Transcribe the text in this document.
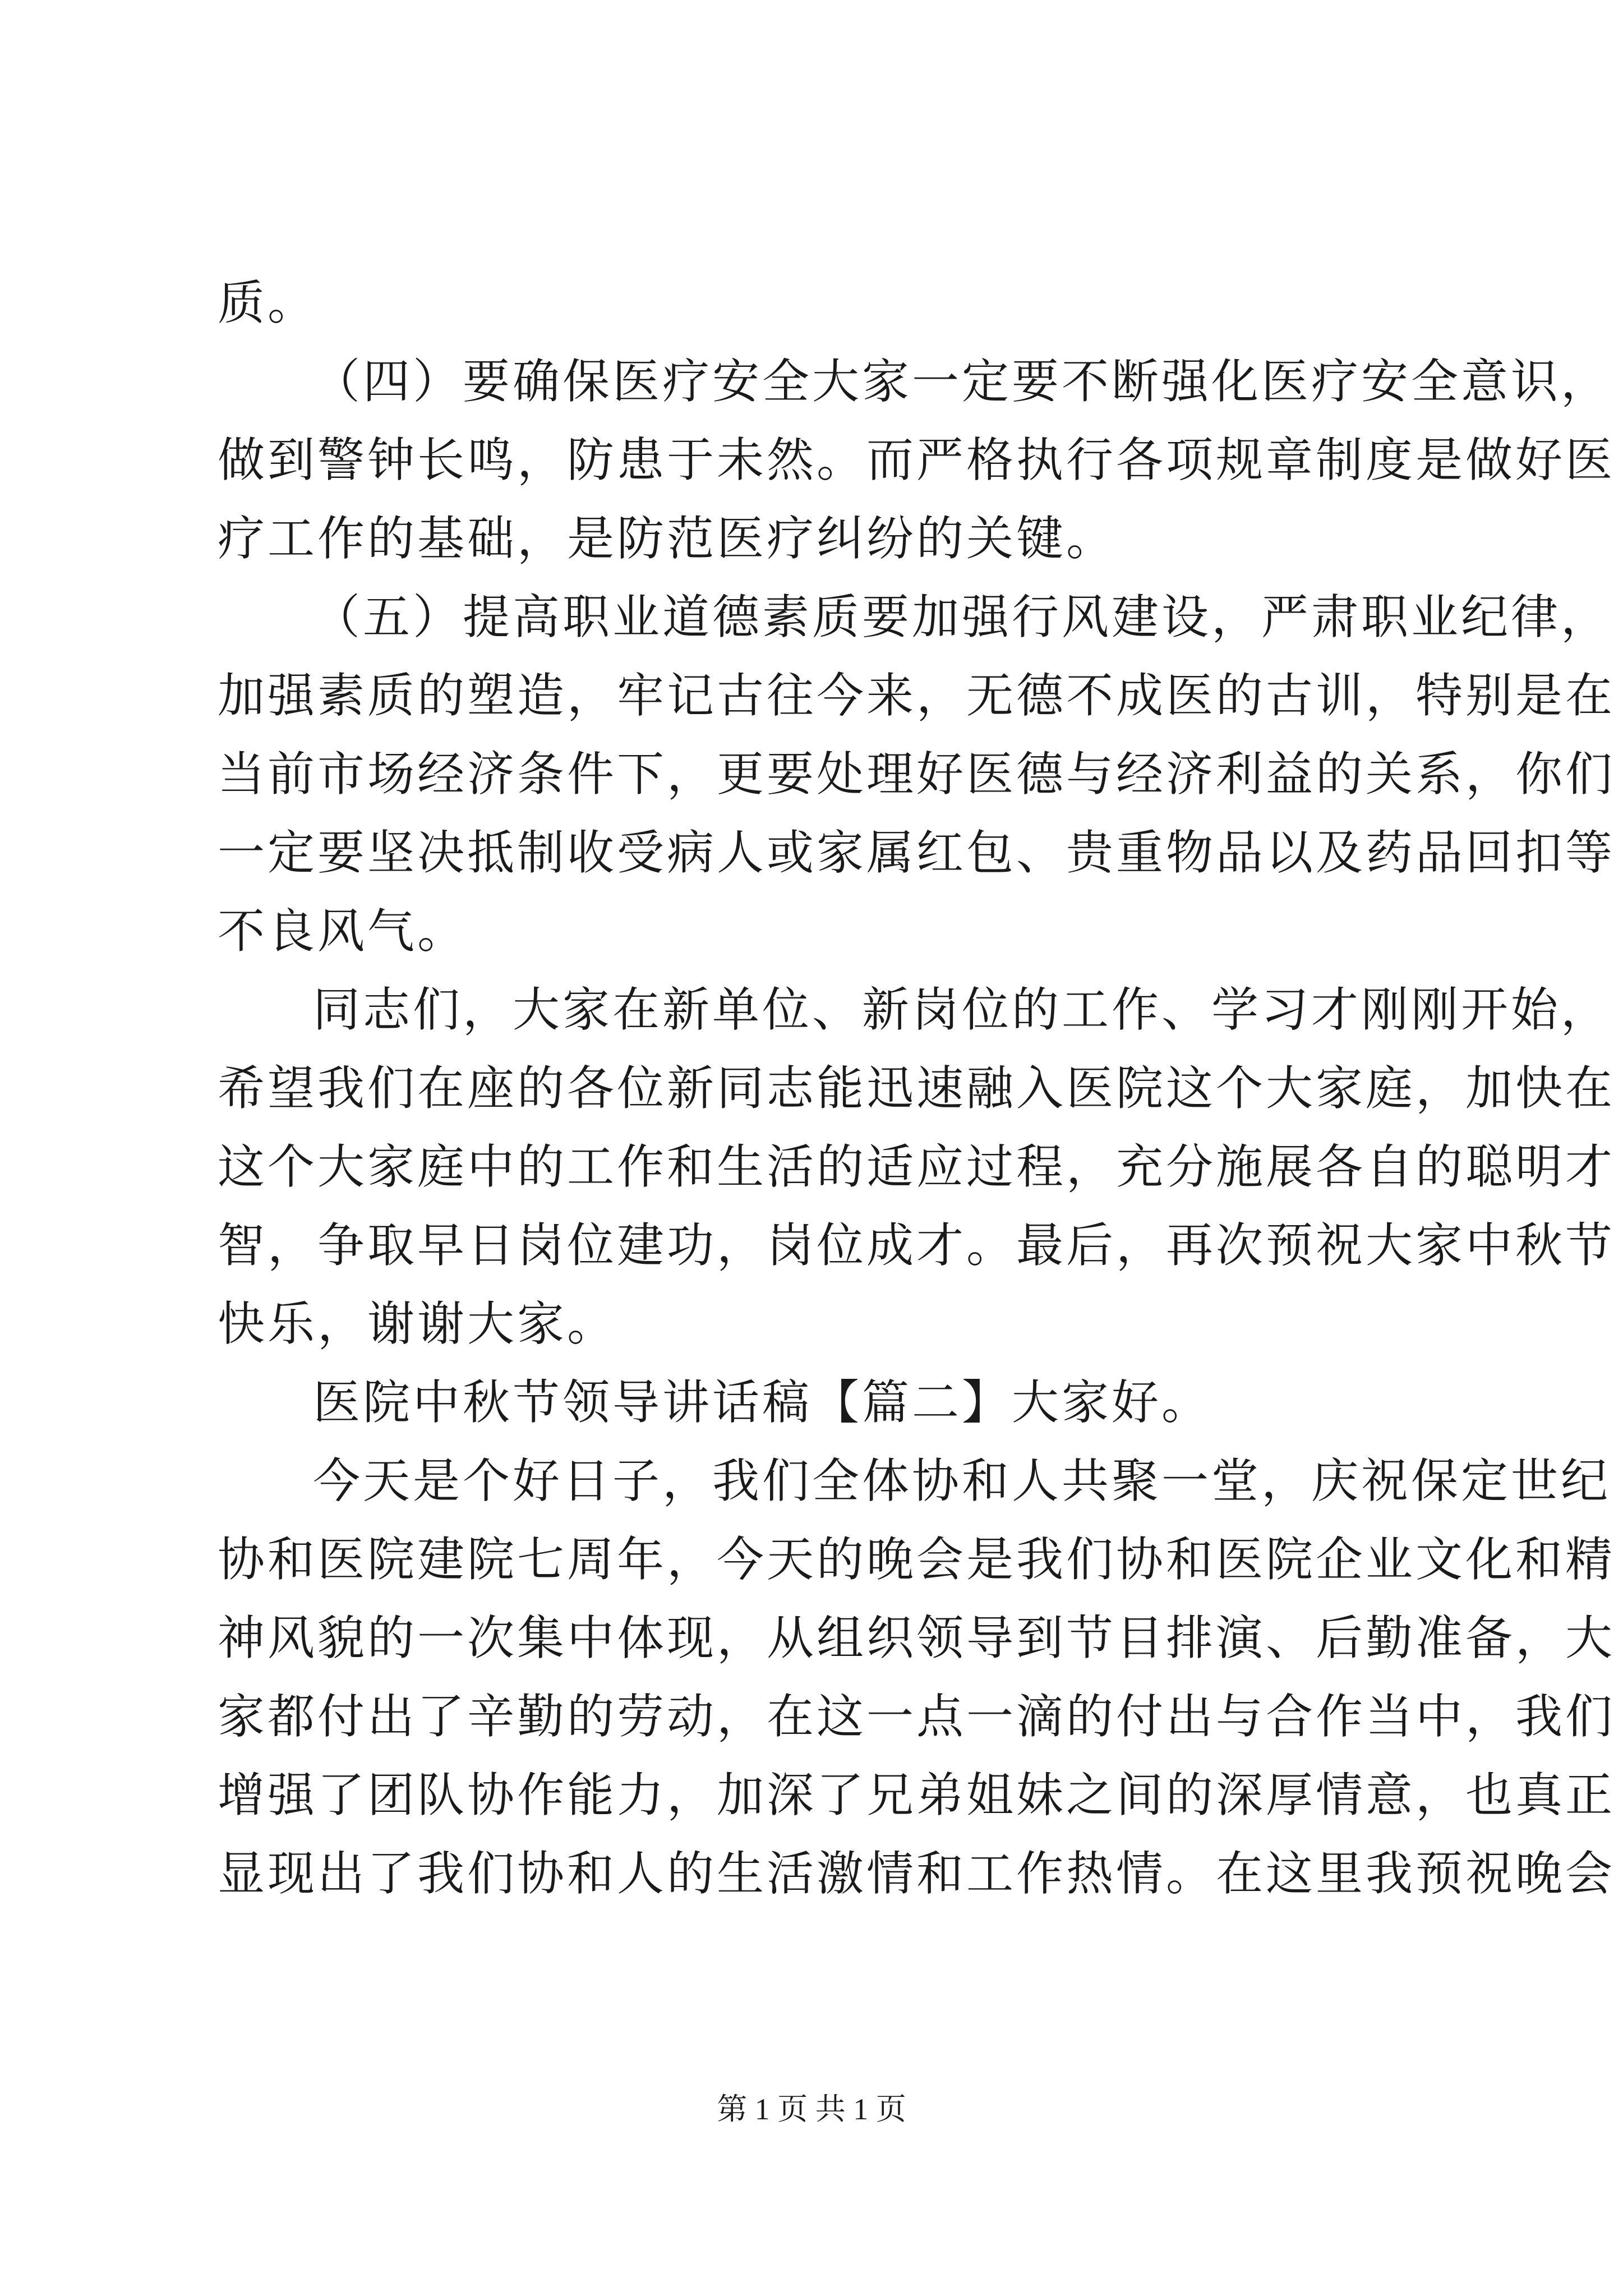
质。
（四）要确保医疗安全大家一定要不断强化医疗安全意识，
做到警钟长鸣，防患于未然。而严格执行各项规章制度是做好医
疗工作的基础，是防范医疗纠纷的关键。
（五）提高职业道德素质要加强行风建设，严肃职业纪律，
加强素质的塑造，牢记古往今来，无德不成医的古训，特别是在
当前市场经济条件下，更要处理好医德与经济利益的关系，你们
一定要坚决抵制收受病人或家属红包、贵重物品以及药品回扣等
不良风气。
同志们，大家在新单位、新岗位的工作、学习才刚刚开始，
希望我们在座的各位新同志能迅速融入医院这个大家庭，加快在
这个大家庭中的工作和生活的适应过程，充分施展各自的聪明才
智，争取早日岗位建功，岗位成才。最后，再次预祝大家中秋节
快乐，谢谢大家。
医院中秋节领导讲话稿【篇二】大家好。
今天是个好日子，我们全体协和人共聚一堂，庆祝保定世纪
协和医院建院七周年，今天的晚会是我们协和医院企业文化和精
神风貌的一次集中体现，从组织领导到节目排演、后勤准备，大
家都付出了辛勤的劳动，在这一点一滴的付出与合作当中，我们
增强了团队协作能力，加深了兄弟姐妹之间的深厚情意，也真正
显现出了我们协和人的生活激情和工作热情。在这里我预祝晚会
第 1 页 共 1 页
